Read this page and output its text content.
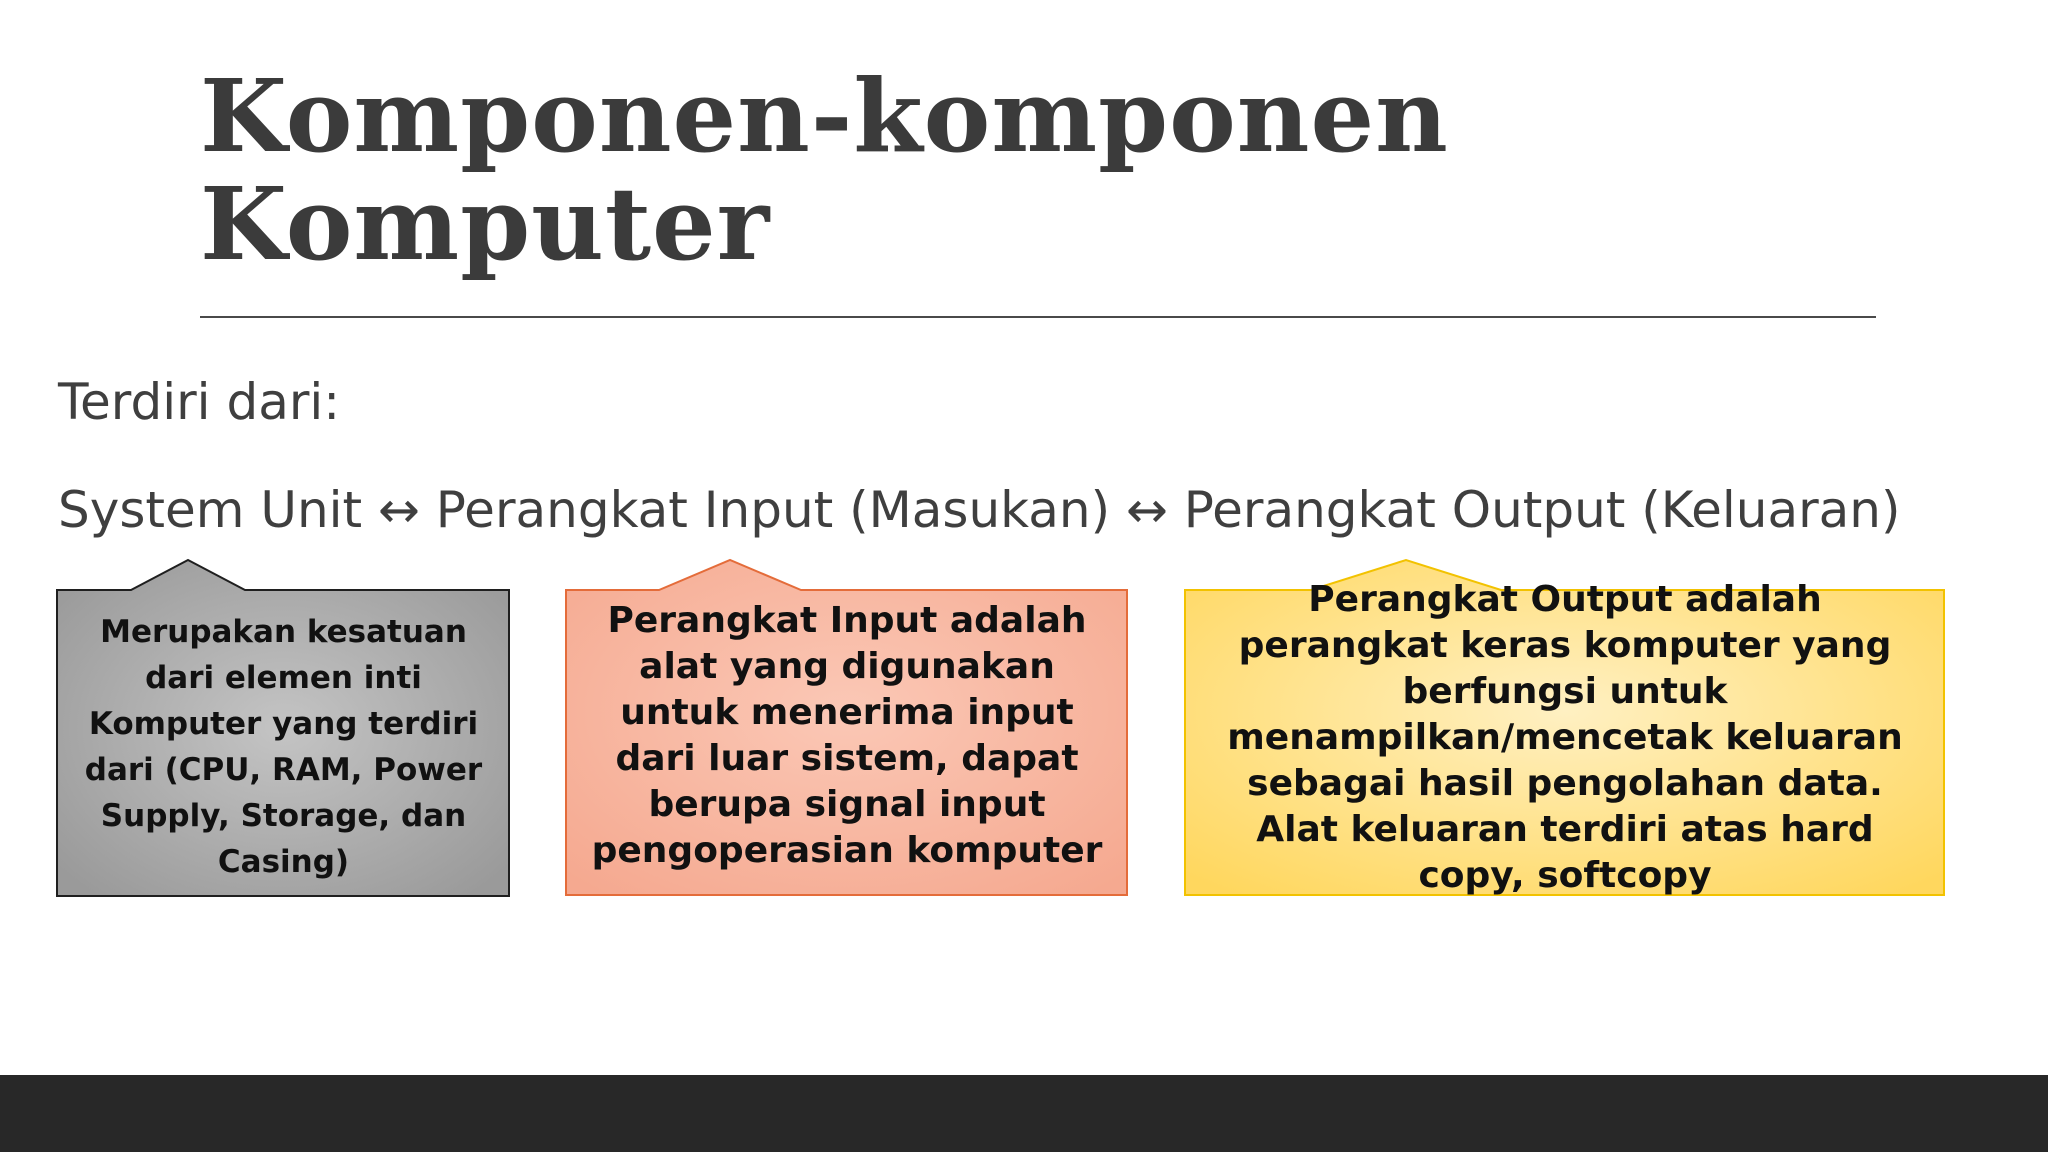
Komponen-komponen
Komputer

Terdiri dari:

System Unit ↔ Perangkat Input (Masukan) ↔ Perangkat Output (Keluaran)

Merupakan kesatuan dari elemen inti Komputer yang terdiri dari (CPU, RAM, Power Supply, Storage, dan Casing)

Perangkat Input adalah alat yang digunakan untuk menerima input dari luar sistem, dapat berupa signal input pengoperasian komputer

Perangkat Output adalah perangkat keras komputer yang berfungsi untuk menampilkan/mencetak keluaran sebagai hasil pengolahan data. Alat keluaran terdiri atas hard copy, softcopy
